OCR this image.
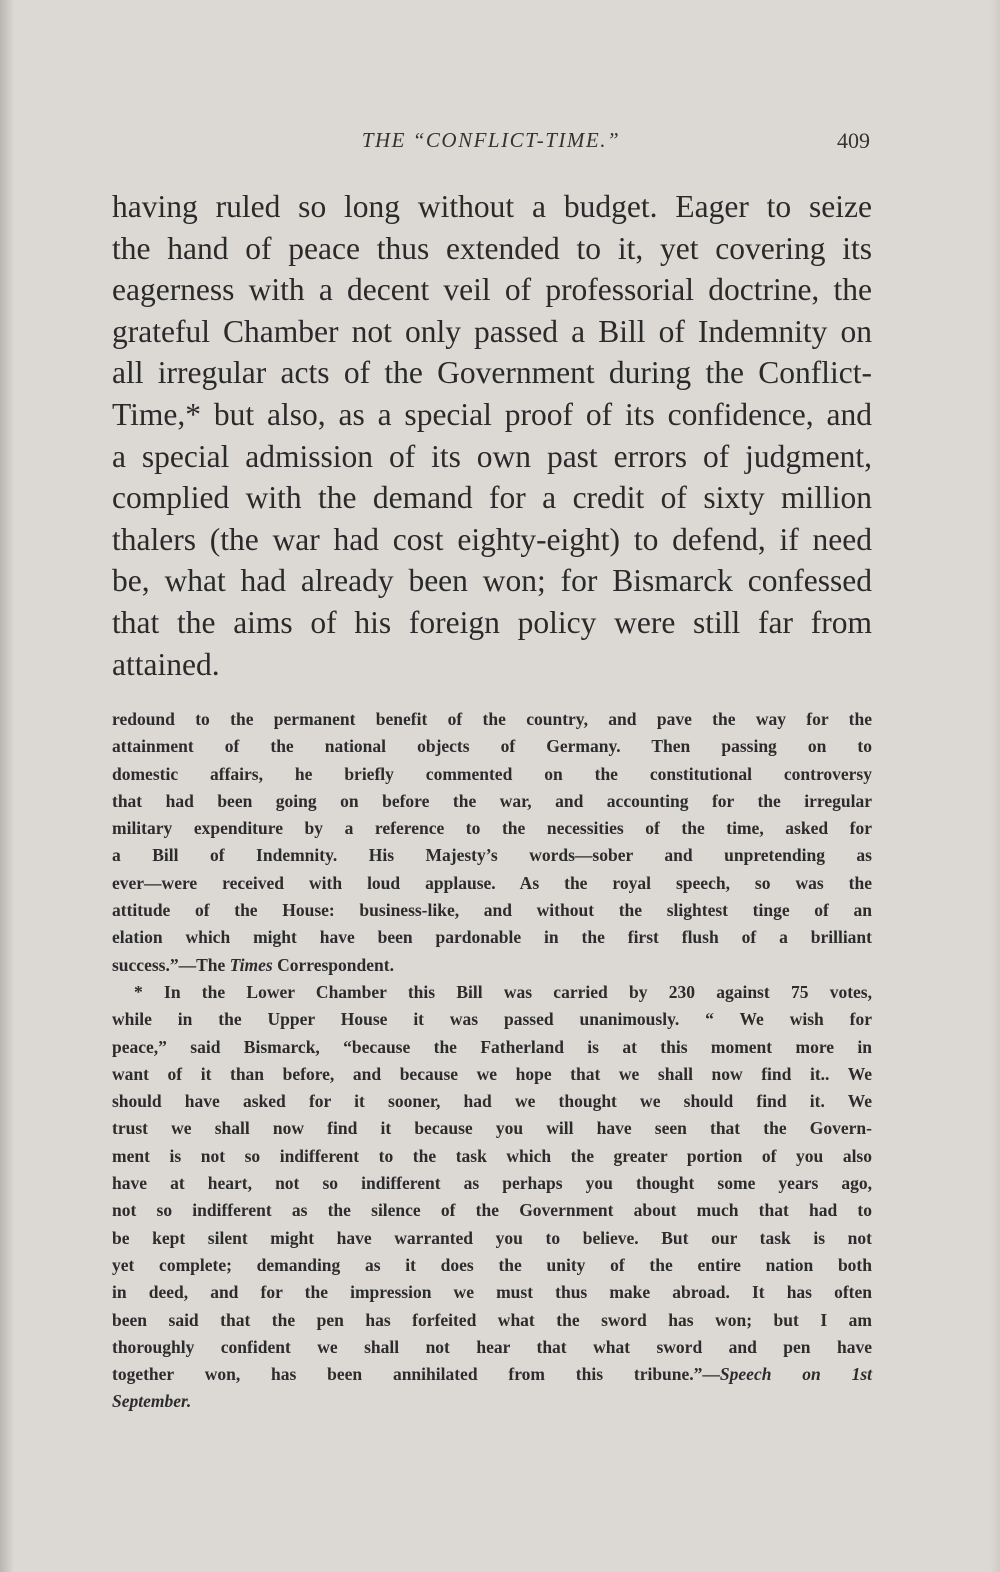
THE “CONFLICT-TIME.”	409
having ruled so long without a budget. Eager to seize
the hand of peace thus extended to it, yet covering its
eagerness with a decent veil of professorial doctrine, the
grateful Chamber not only passed a Bill of Indemnity on
all irregular acts of the Government during the Conflict-
Time,* but also, as a special proof of its confidence, and
a special admission of its own past errors of judgment,
complied with the demand for a credit of sixty million
thalers (the war had cost eighty-eight) to defend, if need
be, what had already been won; for Bismarck confessed
that the aims of his foreign policy were still far from
attained.
redound to the permanent benefit of the country, and pave the way for the
attainment of the national objects of Germany. Then passing on to
domestic affairs, he briefly commented on the constitutional controversy
that had been going on before the war, and accounting for the irregular
military expenditure by a reference to the necessities of the time, asked for
a Bill of Indemnity. His Majesty’s words—sober and unpretending as
ever—were received with loud applause. As the royal speech, so was the
attitude of the House: business-like, and without the slightest tinge of an
elation which might have been pardonable in the first flush of a brilliant
success.”—The Times Correspondent.
* In the Lower Chamber this Bill was carried by 230 against 75 votes,
while in the Upper House it was passed unanimously. “ We wish for
peace,” said Bismarck, “because the Fatherland is at this moment more in
want of it than before, and because we hope that we shall now find it.. We
should have asked for it sooner, had we thought we should find it. We
trust we shall now find it because you will have seen that the Govern-
ment is not so indifferent to the task which the greater portion of you also
have at heart, not so indifferent as perhaps you thought some years ago,
not so indifferent as the silence of the Government about much that had to
be kept silent might have warranted you to believe. But our task is not
yet complete; demanding as it does the unity of the entire nation both
in deed, and for the impression we must thus make abroad. It has often
been said that the pen has forfeited what the sword has won; but I am
thoroughly confident we shall not hear that what sword and pen have
together won, has been annihilated from this tribune.”—Speech on 1st
September.
